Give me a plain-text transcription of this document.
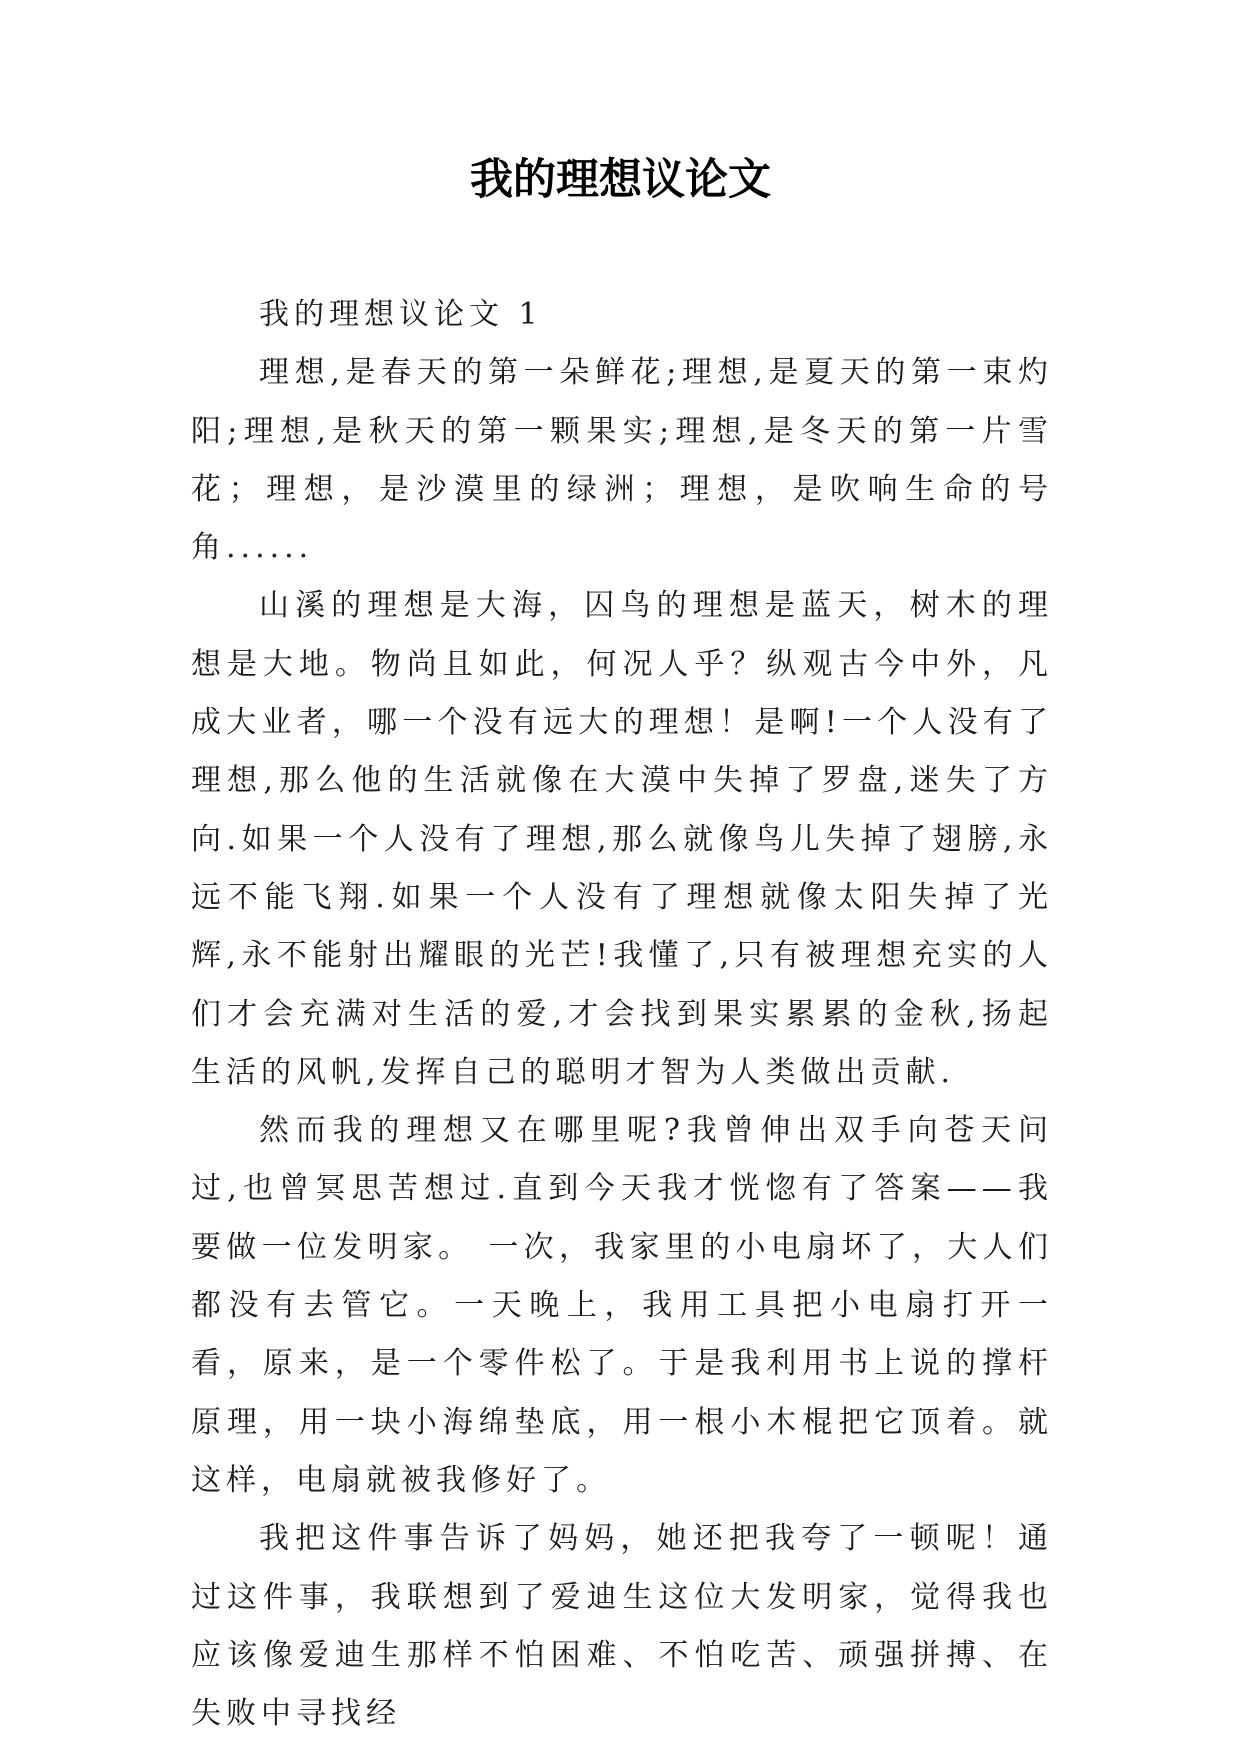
我的理想议论文

我的理想议论文 1

理想,是春天的第一朵鲜花;理想,是夏天的第一束灼阳;理想,是秋天的第一颗果实;理想,是冬天的第一片雪花；理想，是沙漠里的绿洲；理想，是吹响生命的号角......

山溪的理想是大海，囚鸟的理想是蓝天，树木的理想是大地。物尚且如此，何况人乎？纵观古今中外，凡成大业者，哪一个没有远大的理想！是啊!一个人没有了理想,那么他的生活就像在大漠中失掉了罗盘,迷失了方向.如果一个人没有了理想,那么就像鸟儿失掉了翅膀,永远不能飞翔.如果一个人没有了理想就像太阳失掉了光辉,永不能射出耀眼的光芒!我懂了,只有被理想充实的人们才会充满对生活的爱,才会找到果实累累的金秋,扬起生活的风帆,发挥自己的聪明才智为人类做出贡献.

然而我的理想又在哪里呢?我曾伸出双手向苍天问过,也曾冥思苦想过.直到今天我才恍惚有了答案——我要做一位发明家。 一次，我家里的小电扇坏了，大人们都没有去管它。一天晚上，我用工具把小电扇打开一看，原来，是一个零件松了。于是我利用书上说的撑杆原理，用一块小海绵垫底，用一根小木棍把它顶着。就这样，电扇就被我修好了。

我把这件事告诉了妈妈，她还把我夸了一顿呢！通过这件事，我联想到了爱迪生这位大发明家，觉得我也应该像爱迪生那样不怕困难、不怕吃苦、顽强拼搏、在失败中寻找经
